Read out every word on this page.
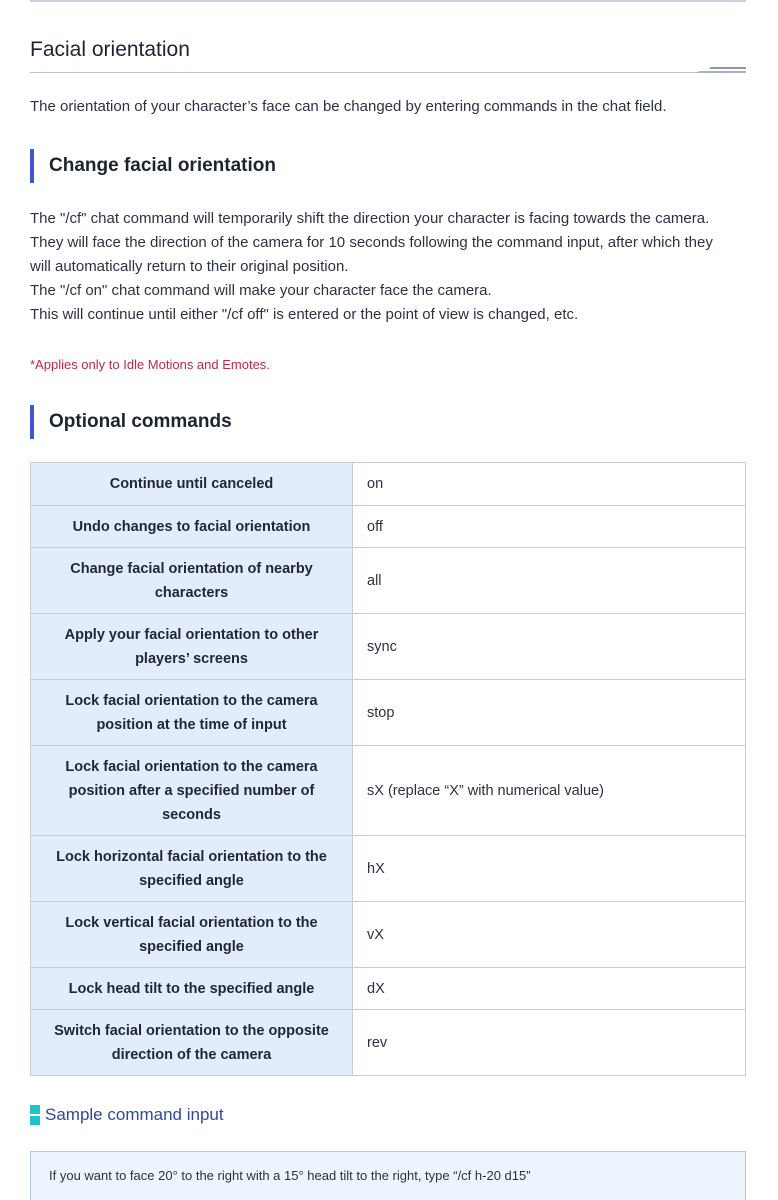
Facial orientation

The orientation of your character’s face can be changed by entering commands in the chat field.

Change facial orientation
The "/cf" chat command will temporarily shift the direction your character is facing towards the camera.
They will face the direction of the camera for 10 seconds following the command input, after which they
will automatically return to their original position.
The "/cf on" chat command will make your character face the camera.
This will continue until either "/cf off" is entered or the point of view is changed, etc.

*Applies only to Idle Motions and Emotes.

Optional commands
Continue until canceled	on
Undo changes to facial orientation	off
Change facial orientation of nearby characters	all
Apply your facial orientation to other players’ screens	sync
Lock facial orientation to the camera position at the time of input	stop
Lock facial orientation to the camera position after a specified number of seconds	sX (replace “X” with numerical value)
Lock horizontal facial orientation to the specified angle	hX
Lock vertical facial orientation to the specified angle	vX
Lock head tilt to the specified angle	dX
Switch facial orientation to the opposite direction of the camera	rev
Sample command input
If you want to face 20° to the right with a 15° head tilt to the right, type “/cf h-20 d15”
